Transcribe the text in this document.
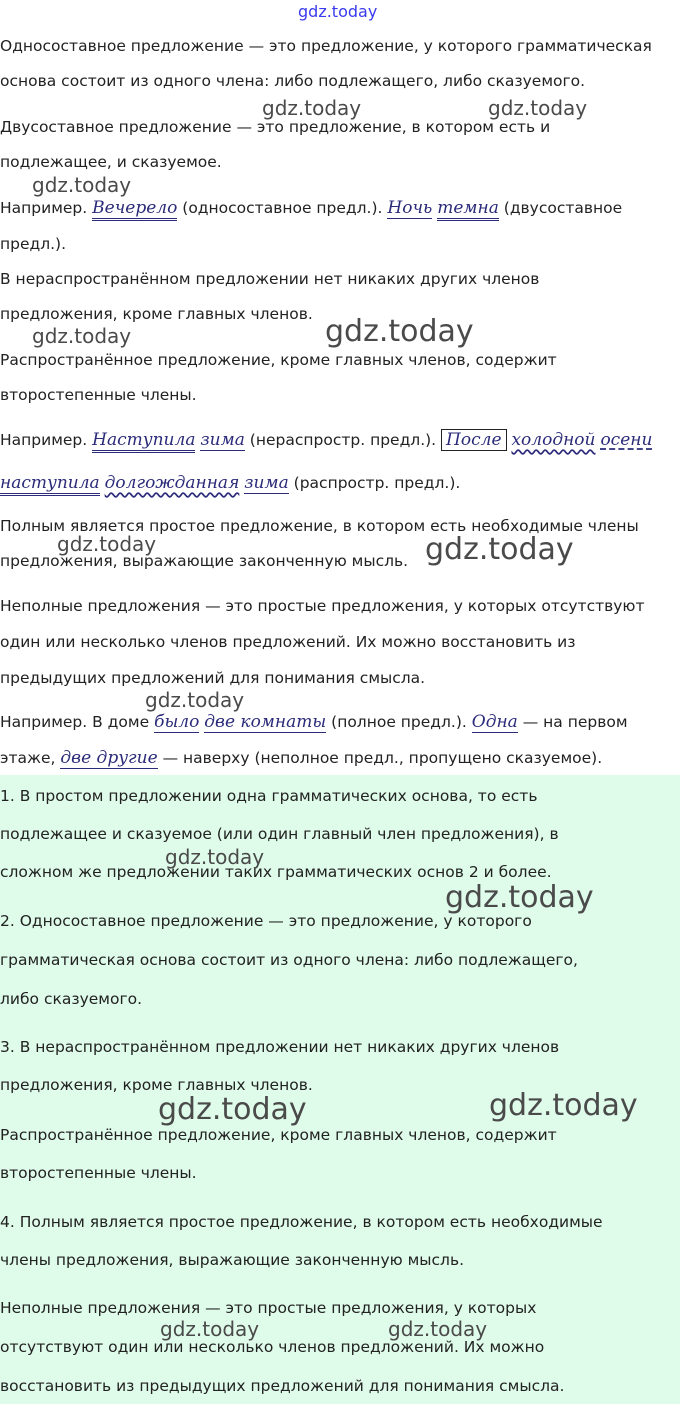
gdz.today
Односоставное предложение — это предложение, у которого грамматическая
основа состоит из одного члена: либо подлежащего, либо сказуемого.
Двусоставное предложение — это предложение, в котором есть и
подлежащее, и сказуемое.
Например. Вечерело (односоставное предл.). Ночь темна (двусоставное
предл.).
В нераспространённом предложении нет никаких других членов
предложения, кроме главных членов.
Распространённое предложение, кроме главных членов, содержит
второстепенные члены.
Например. Наступила зима (нераспростр. предл.). После холодной осени
наступила долгожданная зима (распростр. предл.).
Полным является простое предложение, в котором есть необходимые члены
предложения, выражающие законченную мысль.
Неполные предложения — это простые предложения, у которых отсутствуют
один или несколько членов предложений. Их можно восстановить из
предыдущих предложений для понимания смысла.
Например. В доме было две комнаты (полное предл.). Одна — на первом
этаже, две другие — наверху (неполное предл., пропущено сказуемое).
1. В простом предложении одна грамматических основа, то есть
подлежащее и сказуемое (или один главный член предложения), в
сложном же предложении таких грамматических основ 2 и более.
2. Односоставное предложение — это предложение, у которого
грамматическая основа состоит из одного члена: либо подлежащего,
либо сказуемого.
3. В нераспространённом предложении нет никаких других членов
предложения, кроме главных членов.
Распространённое предложение, кроме главных членов, содержит
второстепенные члены.
4. Полным является простое предложение, в котором есть необходимые
члены предложения, выражающие законченную мысль.
Неполные предложения — это простые предложения, у которых
отсутствуют один или несколько членов предложений. Их можно
восстановить из предыдущих предложений для понимания смысла.
gdz.today	gdz.today
gdz.today
gdz.today	gdz.today
gdz.today	gdz.today
gdz.today
gdz.today
gdz.today
gdz.today	gdz.today
gdz.today	gdz.today
